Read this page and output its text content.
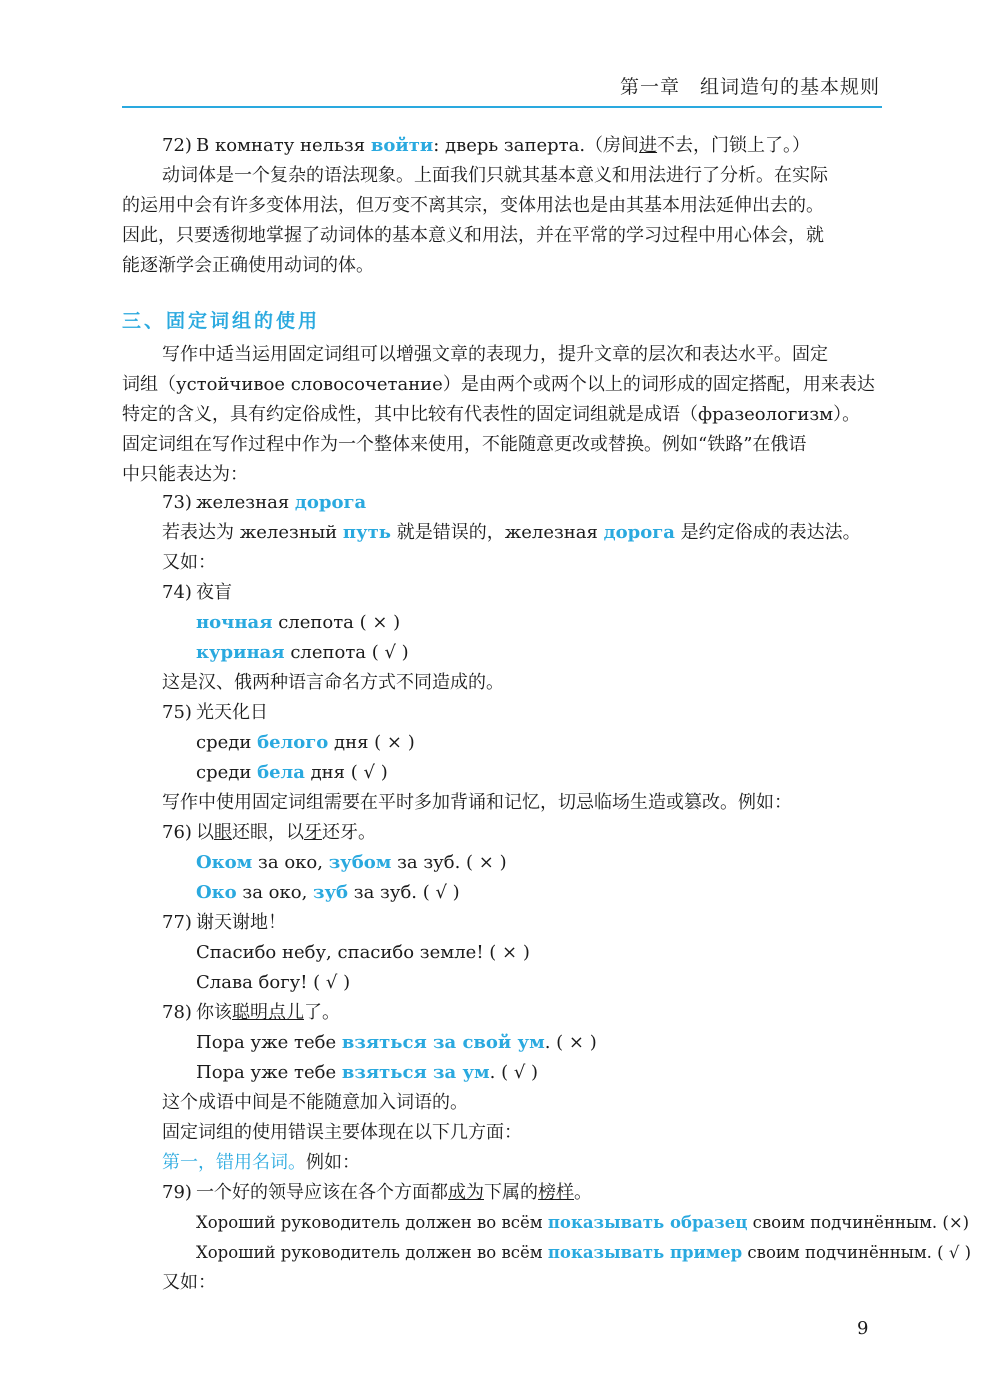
第一章　组词造句的基本规则
72) В комнату нельзя войти: дверь заперта.（房间进不去，门锁上了。）
动词体是一个复杂的语法现象。上面我们只就其基本意义和用法进行了分析。在实际
的运用中会有许多变体用法，但万变不离其宗，变体用法也是由其基本用法延伸出去的。
因此，只要透彻地掌握了动词体的基本意义和用法，并在平常的学习过程中用心体会，就
能逐渐学会正确使用动词的体。
三、固定词组的使用
写作中适当运用固定词组可以增强文章的表现力，提升文章的层次和表达水平。固定
词组（устойчивое словосочетание）是由两个或两个以上的词形成的固定搭配，用来表达
特定的含义，具有约定俗成性，其中比较有代表性的固定词组就是成语（фразеологизм）。
固定词组在写作过程中作为一个整体来使用，不能随意更改或替换。例如“铁路”在俄语
中只能表达为：
73) железная дорога
若表达为 железный путь 就是错误的，железная дорога 是约定俗成的表达法。
又如：
74) 夜盲
ночная слепота ( × )
куриная слепота ( √ )
这是汉、俄两种语言命名方式不同造成的。
75) 光天化日
среди белого дня ( × )
среди бела дня ( √ )
写作中使用固定词组需要在平时多加背诵和记忆，切忌临场生造或篡改。例如：
76) 以眼还眼，以牙还牙。
Оком за око, зубом за зуб. ( × )
Око за око, зуб за зуб. ( √ )
77) 谢天谢地！
Спасибо небу, спасибо земле! ( × )
Слава богу! ( √ )
78) 你该聪明点儿了。
Пора уже тебе взяться за свой ум. ( × )
Пора уже тебе взяться за ум. ( √ )
这个成语中间是不能随意加入词语的。
固定词组的使用错误主要体现在以下几方面：
第一，错用名词。例如：
79) 一个好的领导应该在各个方面都成为下属的榜样。
Хороший руководитель должен во всём показывать образец своим подчинённым. (×)
Хороший руководитель должен во всём показывать пример своим подчинённым. ( √ )
又如：
9
